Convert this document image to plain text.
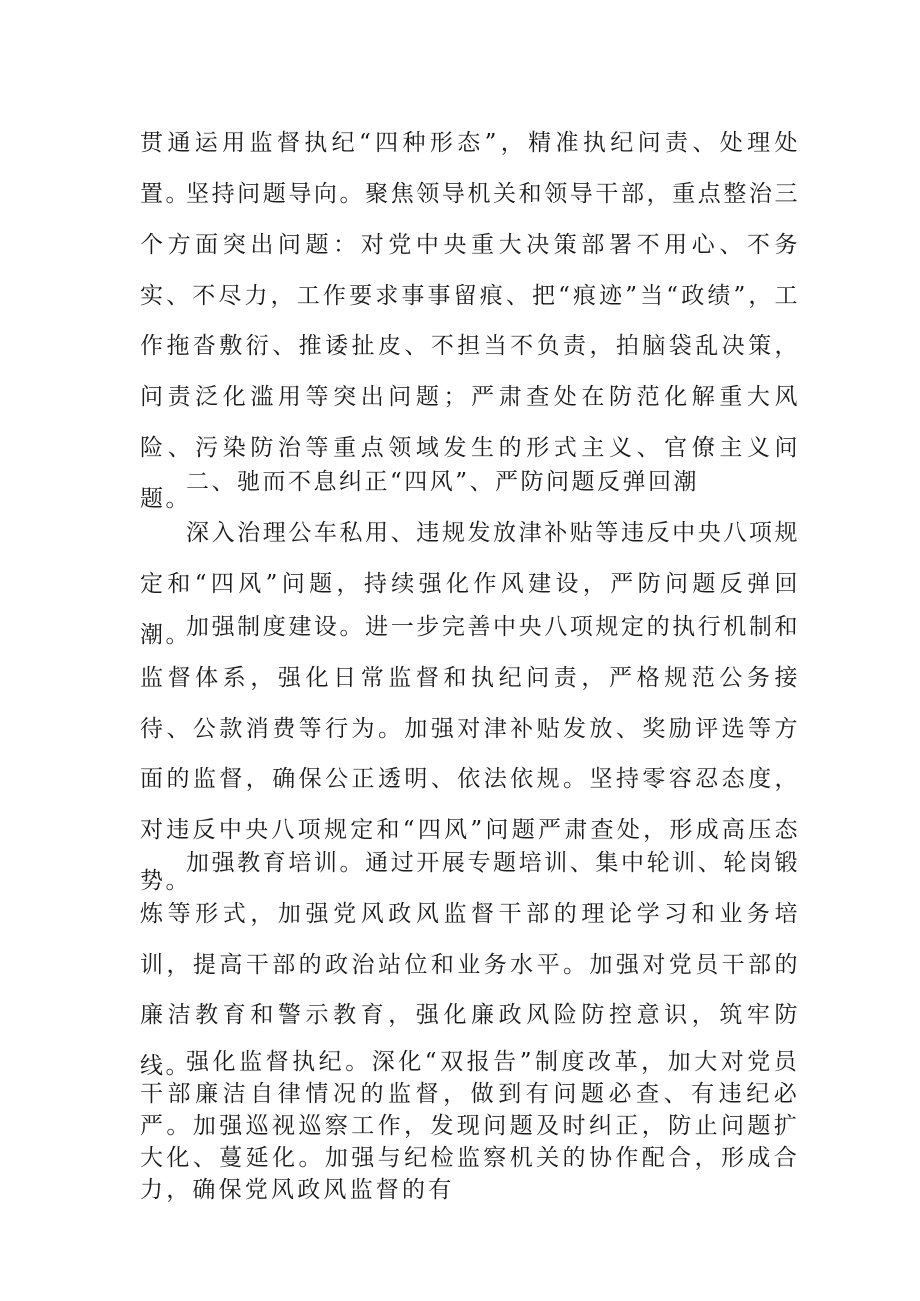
贯通运用监督执纪“四种形态”，精准执纪问责、处理处置。

坚持问题导向。聚焦领导机关和领导干部，重点整治三个方面突出问题：对党中央重大决策部署不用心、不务实、不尽力，工作要求事事留痕、把“痕迹”当“政绩”，工作拖沓敷衍、推诿扯皮、不担当不负责，拍脑袋乱决策，问责泛化滥用等突出问题；严肃查处在防范化解重大风险、污染防治等重点领域发生的形式主义、官僚主义问题。

二、驰而不息纠正“四风”、严防问题反弹回潮

深入治理公车私用、违规发放津补贴等违反中央八项规定和“四风”问题，持续强化作风建设，严防问题反弹回潮。

加强制度建设。进一步完善中央八项规定的执行机制和监督体系，强化日常监督和执纪问责，严格规范公务接待、公款消费等行为。加强对津补贴发放、奖励评选等方面的监督，确保公正透明、依法依规。坚持零容忍态度，对违反中央八项规定和“四风”问题严肃查处，形成高压态势。

加强教育培训。通过开展专题培训、集中轮训、轮岗锻炼等形式，加强党风政风监督干部的理论学习和业务培训，提高干部的政治站位和业务水平。加强对党员干部的廉洁教育和警示教育，强化廉政风险防控意识，筑牢防线。

强化监督执纪。深化“双报告”制度改革，加大对党员干部廉洁自律情况的监督，做到有问题必查、有违纪必严。加强巡视巡察工作，发现问题及时纠正，防止问题扩大化、蔓延化。加强与纪检监察机关的协作配合，形成合力，确保党风政风监督的有
